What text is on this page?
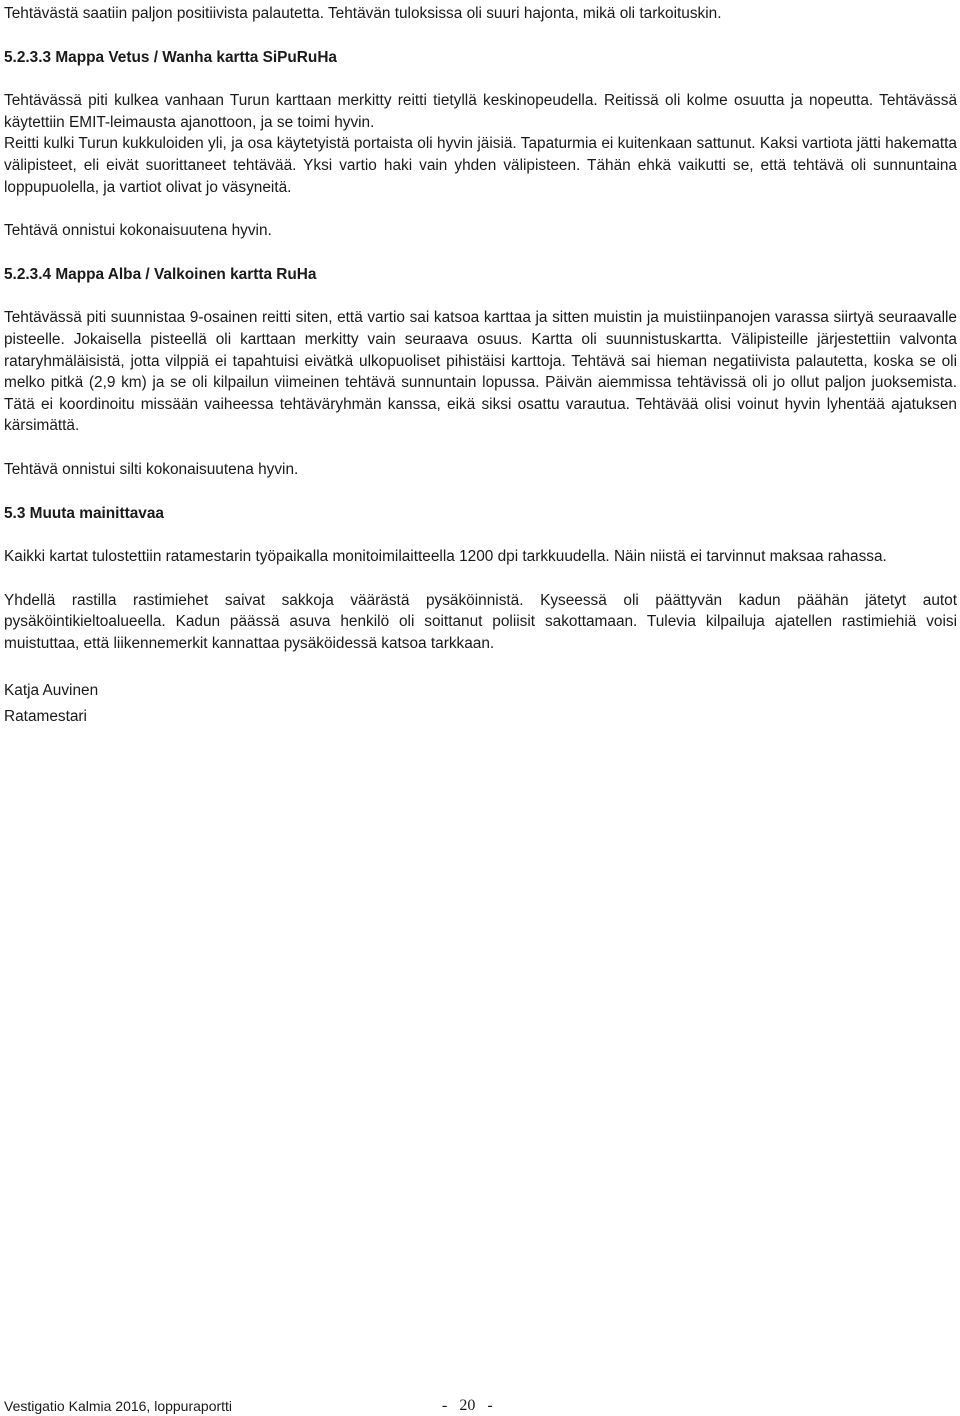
Tehtävästä saatiin paljon positiivista palautetta. Tehtävän tuloksissa oli suuri hajonta, mikä oli tarkoituskin.

5.2.3.3 Mappa Vetus / Wanha kartta SiPuRuHa

Tehtävässä piti kulkea vanhaan Turun karttaan merkitty reitti tietyllä keskinopeudella. Reitissä oli kolme osuutta ja nopeutta. Tehtävässä käytettiin EMIT-leimausta ajanottoon, ja se toimi hyvin.

Reitti kulki Turun kukkuloiden yli, ja osa käytetyistä portaista oli hyvin jäisiä. Tapaturmia ei kuitenkaan sattunut. Kaksi vartiota jätti hakematta välipisteet, eli eivät suorittaneet tehtävää. Yksi vartio haki vain yhden välipisteen. Tähän ehkä vaikutti se, että tehtävä oli sunnuntaina loppupuolella, ja vartiot olivat jo väsyneitä.

Tehtävä onnistui kokonaisuutena hyvin.

5.2.3.4 Mappa Alba / Valkoinen kartta RuHa

Tehtävässä piti suunnistaa 9-osainen reitti siten, että vartio sai katsoa karttaa ja sitten muistin ja muistiinpanojen varassa siirtyä seuraavalle pisteelle. Jokaisella pisteellä oli karttaan merkitty vain seuraava osuus. Kartta oli suunnistuskartta. Välipisteille järjestettiin valvonta rataryhmäläisistä, jotta vilppiä ei tapahtuisi eivätkä ulkopuoliset pihistäisi karttoja. Tehtävä sai hieman negatiivista palautetta, koska se oli melko pitkä (2,9 km) ja se oli kilpailun viimeinen tehtävä sunnuntain lopussa. Päivän aiemmissa tehtävissä oli jo ollut paljon juoksemista. Tätä ei koordinoitu missään vaiheessa tehtäväryhmän kanssa, eikä siksi osattu varautua. Tehtävää olisi voinut hyvin lyhentää ajatuksen kärsimättä.

Tehtävä onnistui silti kokonaisuutena hyvin.

5.3 Muuta mainittavaa

Kaikki kartat tulostettiin ratamestarin työpaikalla monitoimilaitteella 1200 dpi tarkkuudella. Näin niistä ei tarvinnut maksaa rahassa.

Yhdellä rastilla rastimiehet saivat sakkoja väärästä pysäköinnistä. Kyseessä oli päättyvän kadun päähän jätetyt autot pysäköintikieltoalueella. Kadun päässä asuva henkilö oli soittanut poliisit sakottamaan. Tulevia kilpailuja ajatellen rastimiehiä voisi muistuttaa, että liikennemerkit kannattaa pysäköidessä katsoa tarkkaan.

Katja Auvinen

Ratamestari

Vestigatio Kalmia 2016, loppuraportti	-   20   -
